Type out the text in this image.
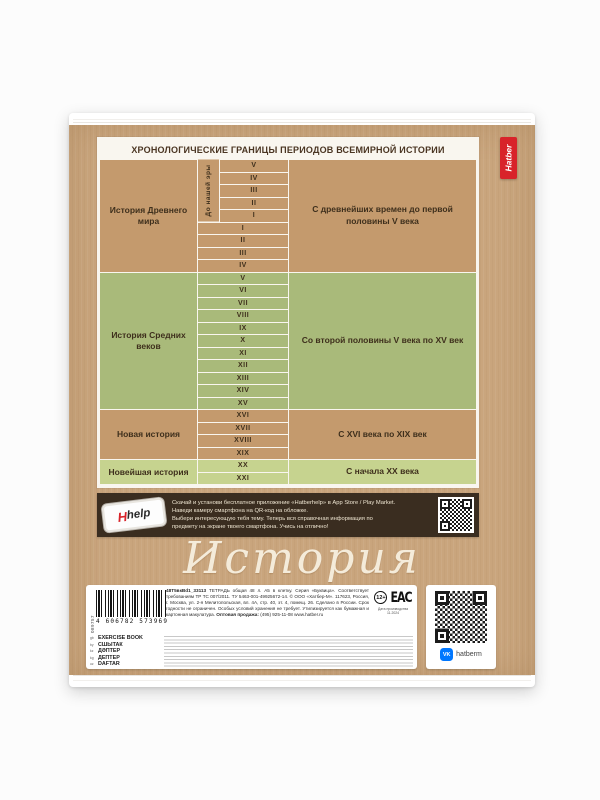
ХРОНОЛОГИЧЕСКИЕ ГРАНИЦЫ ПЕРИОДОВ ВСЕМИРНОЙ ИСТОРИИ
История Древнего мира
До нашей эры	V
IV
III
II
I
I
II
III
IV
С древнейших времен до первой половины V века
История Средних веков
V
VI
VII
VIII
IX
X
XI
XII
XIII
XIV
XV
Со второй половины V века по XV век
Новая история
XVI
XVII
XVIII
XIX
С XVI века по XIX век
Новейшая история
XX
XXI
С начала XX века
Hatber
H
help
Скачай и установи бесплатное приложение «Hatberhelp» в App Store / Play Market.
Наведи камеру смартфона на QR-код на обложке.
Выбери интересующую тебя тему. Теперь вся справочная информация по
предмету на экране твоего смартфона. Учись на отлично!
История
089757 4 606782 573969

48Т5вкВd1_33113 ТЕТРАДЬ общая 48 л. А5 в клетку. Серия «Буквица». Соответствует требованиям ТР ТС 007/2011. ТУ 5463-001-49925672-14. © ООО «Хатбер-М». 117623, Россия, г. Москва, ул. 2-я Мелитопольская, вл. 4А, стр. 40, эт. 4, помещ. 26. Сделано в России. Срок годности не ограничен. Особых условий хранения не требует. Утилизируется как бумажная и картонная макулатура. Оптовая продажа: (495) 925-11-08 www.hatber.ru

12+ ЕАС
Дата производства
11.2024
gb EXERCISE BOOK
by СШЫТАК
kz ДӘПТЕР
kg ДЕПТЕР
uz DAFTAR
VK hatberm
